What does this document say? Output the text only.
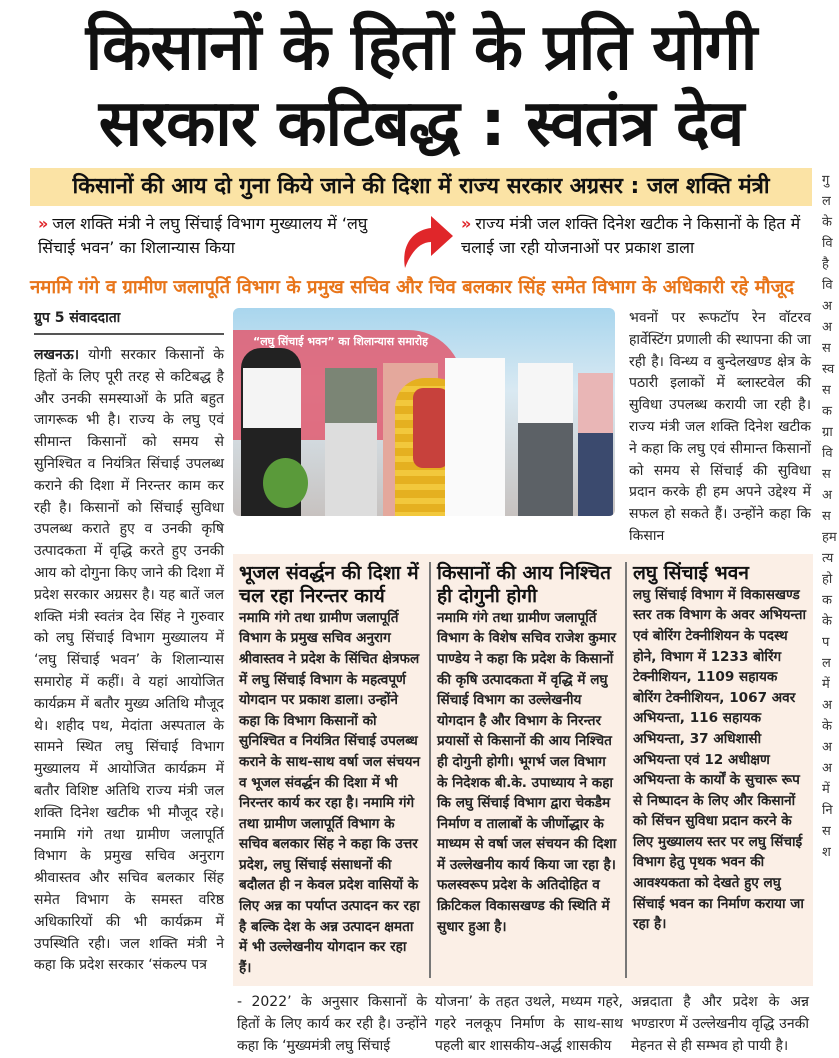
किसानों के हितों के प्रति योगी
सरकार कटिबद्ध : स्वतंत्र देव
किसानों की आय दो गुना किये जाने की दिशा में राज्य सरकार अग्रसर : जल शक्ति मंत्री
» जल शक्ति मंत्री ने लघु सिंचाई विभाग मुख्यालय में ‘लघु सिंचाई भवन’ का शिलान्यास किया
» राज्य मंत्री जल शक्ति दिनेश खटीक ने किसानों के हित में चलाई जा रही योजनाओं पर प्रकाश डाला
नमामि गंगे व ग्रामीण जलापूर्ति विभाग के प्रमुख सचिव और चिव बलकार सिंह समेत विभाग के अधिकारी रहे मौजूद
ग्रुप 5 संवाददाता
लखनऊ। योगी सरकार किसानों के हितों के लिए पूरी तरह से कटिबद्ध है और उनकी समस्याओं के प्रति बहुत जागरूक भी है। राज्य के लघु एवं सीमान्त किसानों को समय से सुनिश्चित व नियंत्रित सिंचाई उपलब्ध कराने की दिशा में निरन्तर काम कर रही है। किसानों को सिंचाई सुविधा उपलब्ध कराते हुए व उनकी कृषि उत्पादकता में वृद्धि करते हुए उनकी आय को दोगुना किए जाने की दिशा में प्रदेश सरकार अग्रसर है। यह बातें जल शक्ति मंत्री स्वतंत्र देव सिंह ने गुरुवार को लघु सिंचाई विभाग मुख्यालय में ‘लघु सिंचाई भवन’ के शिलान्यास समारोह में कहीं। वे यहां आयोजित कार्यक्रम में बतौर मुख्य अतिथि मौजूद थे। शहीद पथ, मेदांता अस्पताल के सामने स्थित लघु सिंचाई विभाग मुख्यालय में आयोजित कार्यक्रम में बतौर विशिष्ट अतिथि राज्य मंत्री जल शक्ति दिनेश खटीक भी मौजूद रहे। नमामि गंगे तथा ग्रामीण जलापूर्ति विभाग के प्रमुख सचिव अनुराग श्रीवास्तव और सचिव बलकार सिंह समेत विभाग के समस्त वरिष्ठ अधिकारियों की भी कार्यक्रम में उपस्थिति रही। जल शक्ति मंत्री ने कहा कि प्रदेश सरकार ‘संकल्प पत्र
“लघु सिंचाई भवन” का शिलान्यास समारोह
भवनों पर रूफटॉप रेन वॉटरव हार्वेस्टिंग प्रणाली की स्थापना की जा रही है। विन्ध्य व बुन्देलखण्ड क्षेत्र के पठारी इलाकों में ब्लास्टवेल की सुविधा उपलब्ध करायी जा रही है। राज्य मंत्री जल शक्ति दिनेश खटीक ने कहा कि लघु एवं सीमान्त किसानों को समय से सिंचाई की सुविधा प्रदान करके ही हम अपने उद्देश्य में सफल हो सकते हैं। उन्होंने कहा कि किसान
भूजल संवर्द्धन की दिशा में चल रहा निरन्तर कार्य

नमामि गंगे तथा ग्रामीण जलापूर्ति विभाग के प्रमुख सचिव अनुराग श्रीवास्तव ने प्रदेश के सिंचित क्षेत्रफल में लघु सिंचाई विभाग के महत्वपूर्ण योगदान पर प्रकाश डाला। उन्होंने कहा कि विभाग किसानों को सुनिश्चित व नियंत्रित सिंचाई उपलब्ध कराने के साथ-साथ वर्षा जल संचयन व भूजल संवर्द्धन की दिशा में भी निरन्तर कार्य कर रहा है। नमामि गंगे तथा ग्रामीण जलापूर्ति विभाग के सचिव बलकार सिंह ने कहा कि उत्तर प्रदेश, लघु सिंचाई संसाधनों की बदौलत ही न केवल प्रदेश वासियों के लिए अन्न का पर्याप्त उत्पादन कर रहा है बल्कि देश के अन्न उत्पादन क्षमता में भी उल्लेखनीय योगदान कर रहा हैं।

किसानों की आय निश्चित ही दोगुनी होगी

नमामि गंगे तथा ग्रामीण जलापूर्ति विभाग के विशेष सचिव राजेश कुमार पाण्डेय ने कहा कि प्रदेश के किसानों की कृषि उत्पादकता में वृद्धि में लघु सिंचाई विभाग का उल्लेखनीय योगदान है और विभाग के निरन्तर प्रयासों से किसानों की आय निश्चित ही दोगुनी होगी। भूगर्भ जल विभाग के निदेशक बी.के. उपाध्याय ने कहा कि लघु सिंचाई विभाग द्वारा चेकडैम निर्माण व तालाबों के जीर्णोद्धार के माध्यम से वर्षा जल संचयन की दिशा में उल्लेखनीय कार्य किया जा रहा है। फलस्वरूप प्रदेश के अतिदोहित व क्रिटिकल विकासखण्ड की स्थिति में सुधार हुआ है।

लघु सिंचाई भवन

लघु सिंचाई विभाग में विकासखण्ड स्तर तक विभाग के अवर अभियन्ता एवं बोरिंग टेक्नीशियन के पदस्थ होने, विभाग में 1233 बोरिंग टेक्नीशियन, 1109 सहायक बोरिंग टेक्नीशियन, 1067 अवर अभियन्ता, 116 सहायक अभियन्ता, 37 अधिशासी अभियन्ता एवं 12 अधीक्षण अभियन्ता के कार्यों के सुचारू रूप से निष्पादन के लिए और किसानों को सिंचन सुविधा प्रदान करने के लिए मुख्यालय स्तर पर लघु सिंचाई विभाग हेतु पृथक भवन की आवश्यकता को देखते हुए लघु सिंचाई भवन का निर्माण कराया जा रहा है।

- 2022’ के अनुसार किसानों के हितों के लिए कार्य कर रही है। उन्होंने कहा कि ‘मुख्यमंत्री लघु सिंचाई
योजना’ के तहत उथले, मध्यम गहरे, गहरे नलकूप निर्माण के साथ-साथ पहली बार शासकीय-अर्द्ध शासकीय
अन्नदाता है और प्रदेश के अन्न भण्डारण में उल्लेखनीय वृद्धि उनकी मेहनत से ही सम्भव हो पायी है।
गु ल के वि है वि अ अ स स्व स क ग्रा वि स अ स हम त्य हो क के प ल में अ के अ अ में नि स श
